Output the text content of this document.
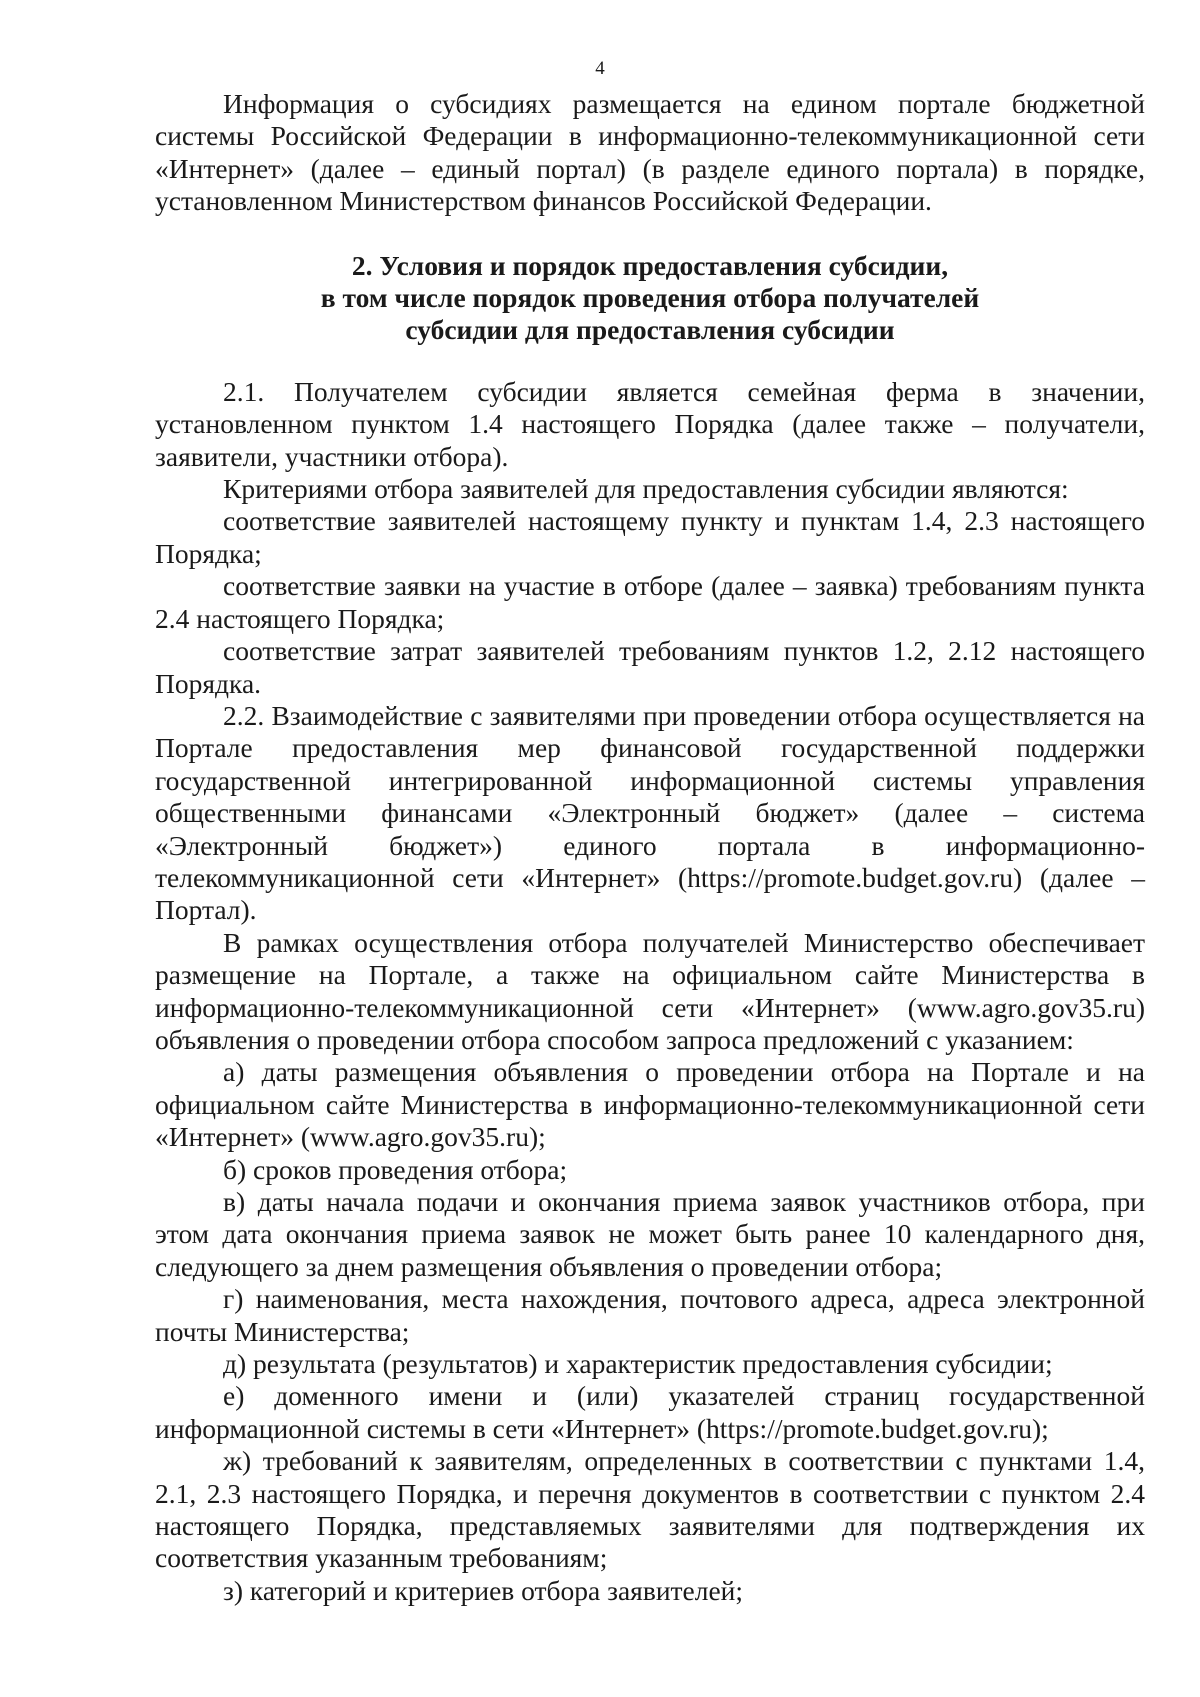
4

Информация о субсидиях размещается на едином портале бюджетной системы Российской Федерации в информационно-телекоммуникационной сети «Интернет» (далее – единый портал) (в разделе единого портала) в порядке, установленном Министерством финансов Российской Федерации.

2. Условия и порядок предоставления субсидии,
в том числе порядок проведения отбора получателей
субсидии для предоставления субсидии

2.1. Получателем субсидии является семейная ферма в значении, установленном пунктом 1.4 настоящего Порядка (далее также – получатели, заявители, участники отбора).

Критериями отбора заявителей для предоставления субсидии являются:

соответствие заявителей настоящему пункту и пунктам 1.4, 2.3 настоящего Порядка;

соответствие заявки на участие в отборе (далее – заявка) требованиям пункта 2.4 настоящего Порядка;

соответствие затрат заявителей требованиям пунктов 1.2, 2.12 настоящего Порядка.

2.2. Взаимодействие с заявителями при проведении отбора осуществляется на Портале предоставления мер финансовой государственной поддержки государственной интегрированной информационной системы управления общественными финансами «Электронный бюджет» (далее – система «Электронный бюджет») единого портала в информационно-телекоммуникационной сети «Интернет» (https://promote.budget.gov.ru) (далее – Портал).

В рамках осуществления отбора получателей Министерство обеспечивает размещение на Портале, а также на официальном сайте Министерства в информационно-телекоммуникационной сети «Интернет» (www.agro.gov35.ru) объявления о проведении отбора способом запроса предложений с указанием:

а) даты размещения объявления о проведении отбора на Портале и на официальном сайте Министерства в информационно-телекоммуникационной сети «Интернет» (www.agro.gov35.ru);

б) сроков проведения отбора;

в) даты начала подачи и окончания приема заявок участников отбора, при этом дата окончания приема заявок не может быть ранее 10 календарного дня, следующего за днем размещения объявления о проведении отбора;

г) наименования, места нахождения, почтового адреса, адреса электронной почты Министерства;

д) результата (результатов) и характеристик предоставления субсидии;

е) доменного имени и (или) указателей страниц государственной информационной системы в сети «Интернет» (https://promote.budget.gov.ru);

ж) требований к заявителям, определенных в соответствии с пунктами 1.4, 2.1, 2.3 настоящего Порядка, и перечня документов в соответствии с пунктом 2.4 настоящего Порядка, представляемых заявителями для подтверждения их соответствия указанным требованиям;

з) категорий и критериев отбора заявителей;
